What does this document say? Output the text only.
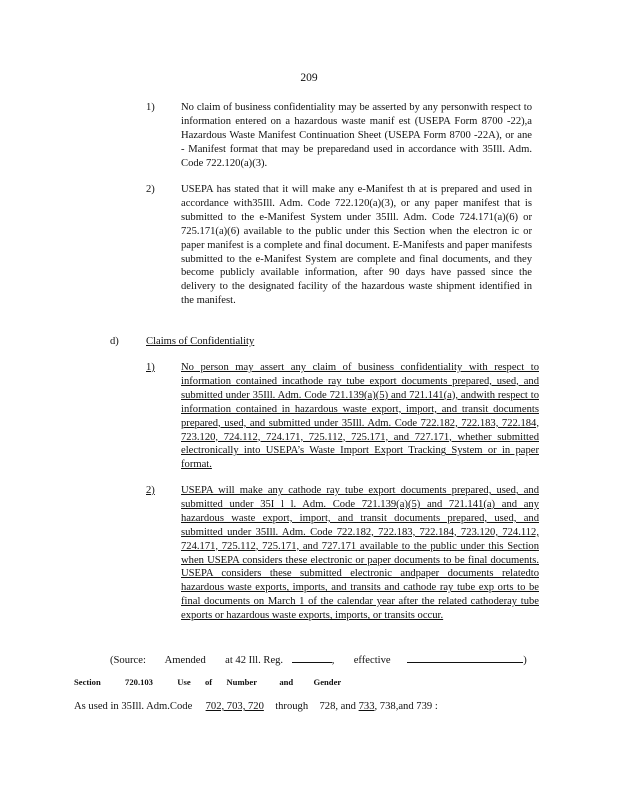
209
1) No claim of business confidentiality may be asserted by any personwith respect to information entered on a hazardous waste manif est (USEPA Form 8700 -22),a Hazardous Waste Manifest Continuation Sheet (USEPA Form 8700 -22A), or ane - Manifest format that may be preparedand used in accordance with 35Ill. Adm. Code 722.120(a)(3).
2) USEPA has stated that it will make any e-Manifest th at is prepared and used in accordance with35Ill. Adm. Code 722.120(a)(3), or any paper manifest that is submitted to the e-Manifest System under 35Ill. Adm. Code 724.171(a)(6) or 725.171(a)(6) available to the public under this Section when the electron ic or paper manifest is a complete and final document. E-Manifests and paper manifests submitted to the e-Manifest System are complete and final documents, and they become publicly available information, after 90 days have passed since the delivery to the designated facility of the hazardous waste shipment identified in the manifest.
d)	Claims of Confidentiality
1) No person may assert any claim of business confidentiality with respect to information contained incathode ray tube export documents prepared, used, and submitted under 35Ill. Adm. Code 721.139(a)(5) and 721.141(a), andwith respect to information contained in hazardous waste export, import, and transit documents prepared, used, and submitted under 35Ill. Adm. Code 722.182, 722.183, 722.184, 723.120, 724.112, 724.171, 725.112, 725.171, and 727.171, whether submitted electronically into USEPA’s Waste Import Export Tracking System or in paper format.
2) USEPA will make any cathode ray tube export documents prepared, used, and submitted under 35I l l. Adm. Code 721.139(a)(5) and 721.141(a) and any hazardous waste export, import, and transit documents prepared, used, and submitted under 35Ill. Adm. Code 722.182, 722.183, 722.184, 723.120, 724.112, 724.171, 725.112, 725.171, and 727.171 available to the public under this Section when USEPA considers these electronic or paper documents to be final documents. USEPA considers these submitted electronic andpaper documents relatedto hazardous waste exports, imports, and transits and cathode ray tube exp orts to be final documents on March 1 of the calendar year after the related cathoderay tube exports or hazardous waste exports, imports, or transits occur.
(Source: Amended at 42 Ill. Reg.	, effective	)
Section	720.103	Use of Number	and Gender
As used in 35Ill. Adm.Code 702, 703, 720 through 728, and 733, 738,and 739 :
